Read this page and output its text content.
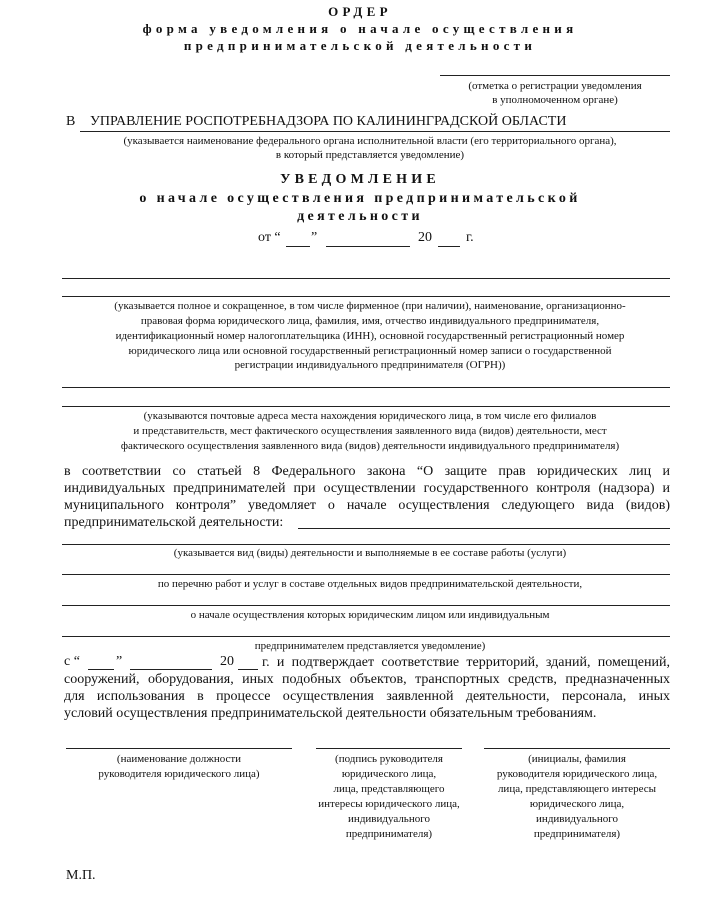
ОРДЕР
форма уведомления о начале осуществления
предпринимательской деятельности
(отметка о регистрации уведомления
в уполномоченном органе)
В УПРАВЛЕНИЕ РОСПОТРЕБНАДЗОРА ПО КАЛИНИНГРАДСКОЙ ОБЛАСТИ
(указывается наименование федерального органа исполнительной власти (его территориального органа),
в который представляется уведомление)
УВЕДОМЛЕНИЕ
о начале осуществления предпринимательской
деятельности
от “ ”	20 г.
(указывается полное и сокращенное, в том числе фирменное (при наличии), наименование, организационно-
правовая форма юридического лица, фамилия, имя, отчество индивидуального предпринимателя,
идентификационный номер налогоплательщика (ИНН), основной государственный регистрационный номер
юридического лица или основной государственный регистрационный номер записи о государственной
регистрации индивидуального предпринимателя (ОГРН))
(указываются почтовые адреса места нахождения юридического лица, в том числе его филиалов
и представительств, мест фактического осуществления заявленного вида (видов) деятельности, мест
фактического осуществления заявленного вида (видов) деятельности индивидуального предпринимателя)
в соответствии со статьей 8 Федерального закона “О защите прав юридических лиц и
индивидуальных предпринимателей при осуществлении государственного контроля (надзора) и
муниципального контроля” уведомляет о начале осуществления следующего вида (видов)
предпринимательской деятельности:
(указывается вид (виды) деятельности и выполняемые в ее составе работы (услуги)
по перечню работ и услуг в составе отдельных видов предпринимательской деятельности,
о начале осуществления которых юридическим лицом или индивидуальным
предпринимателем представляется уведомление)
с “	”	20 г. и подтверждает соответствие территорий, зданий, помещений,
сооружений, оборудования, иных подобных объектов, транспортных средств, предназначенных
для использования в процессе осуществления заявленной деятельности, персонала, иных
условий осуществления предпринимательской деятельности обязательным требованиям.
(наименование должности
руководителя юридического лица)
(подпись руководителя
юридического лица,
лица, представляющего
интересы юридического лица,
индивидуального
предпринимателя)
(инициалы, фамилия
руководителя юридического лица,
лица, представляющего интересы
юридического лица,
индивидуального
предпринимателя)
М.П.
